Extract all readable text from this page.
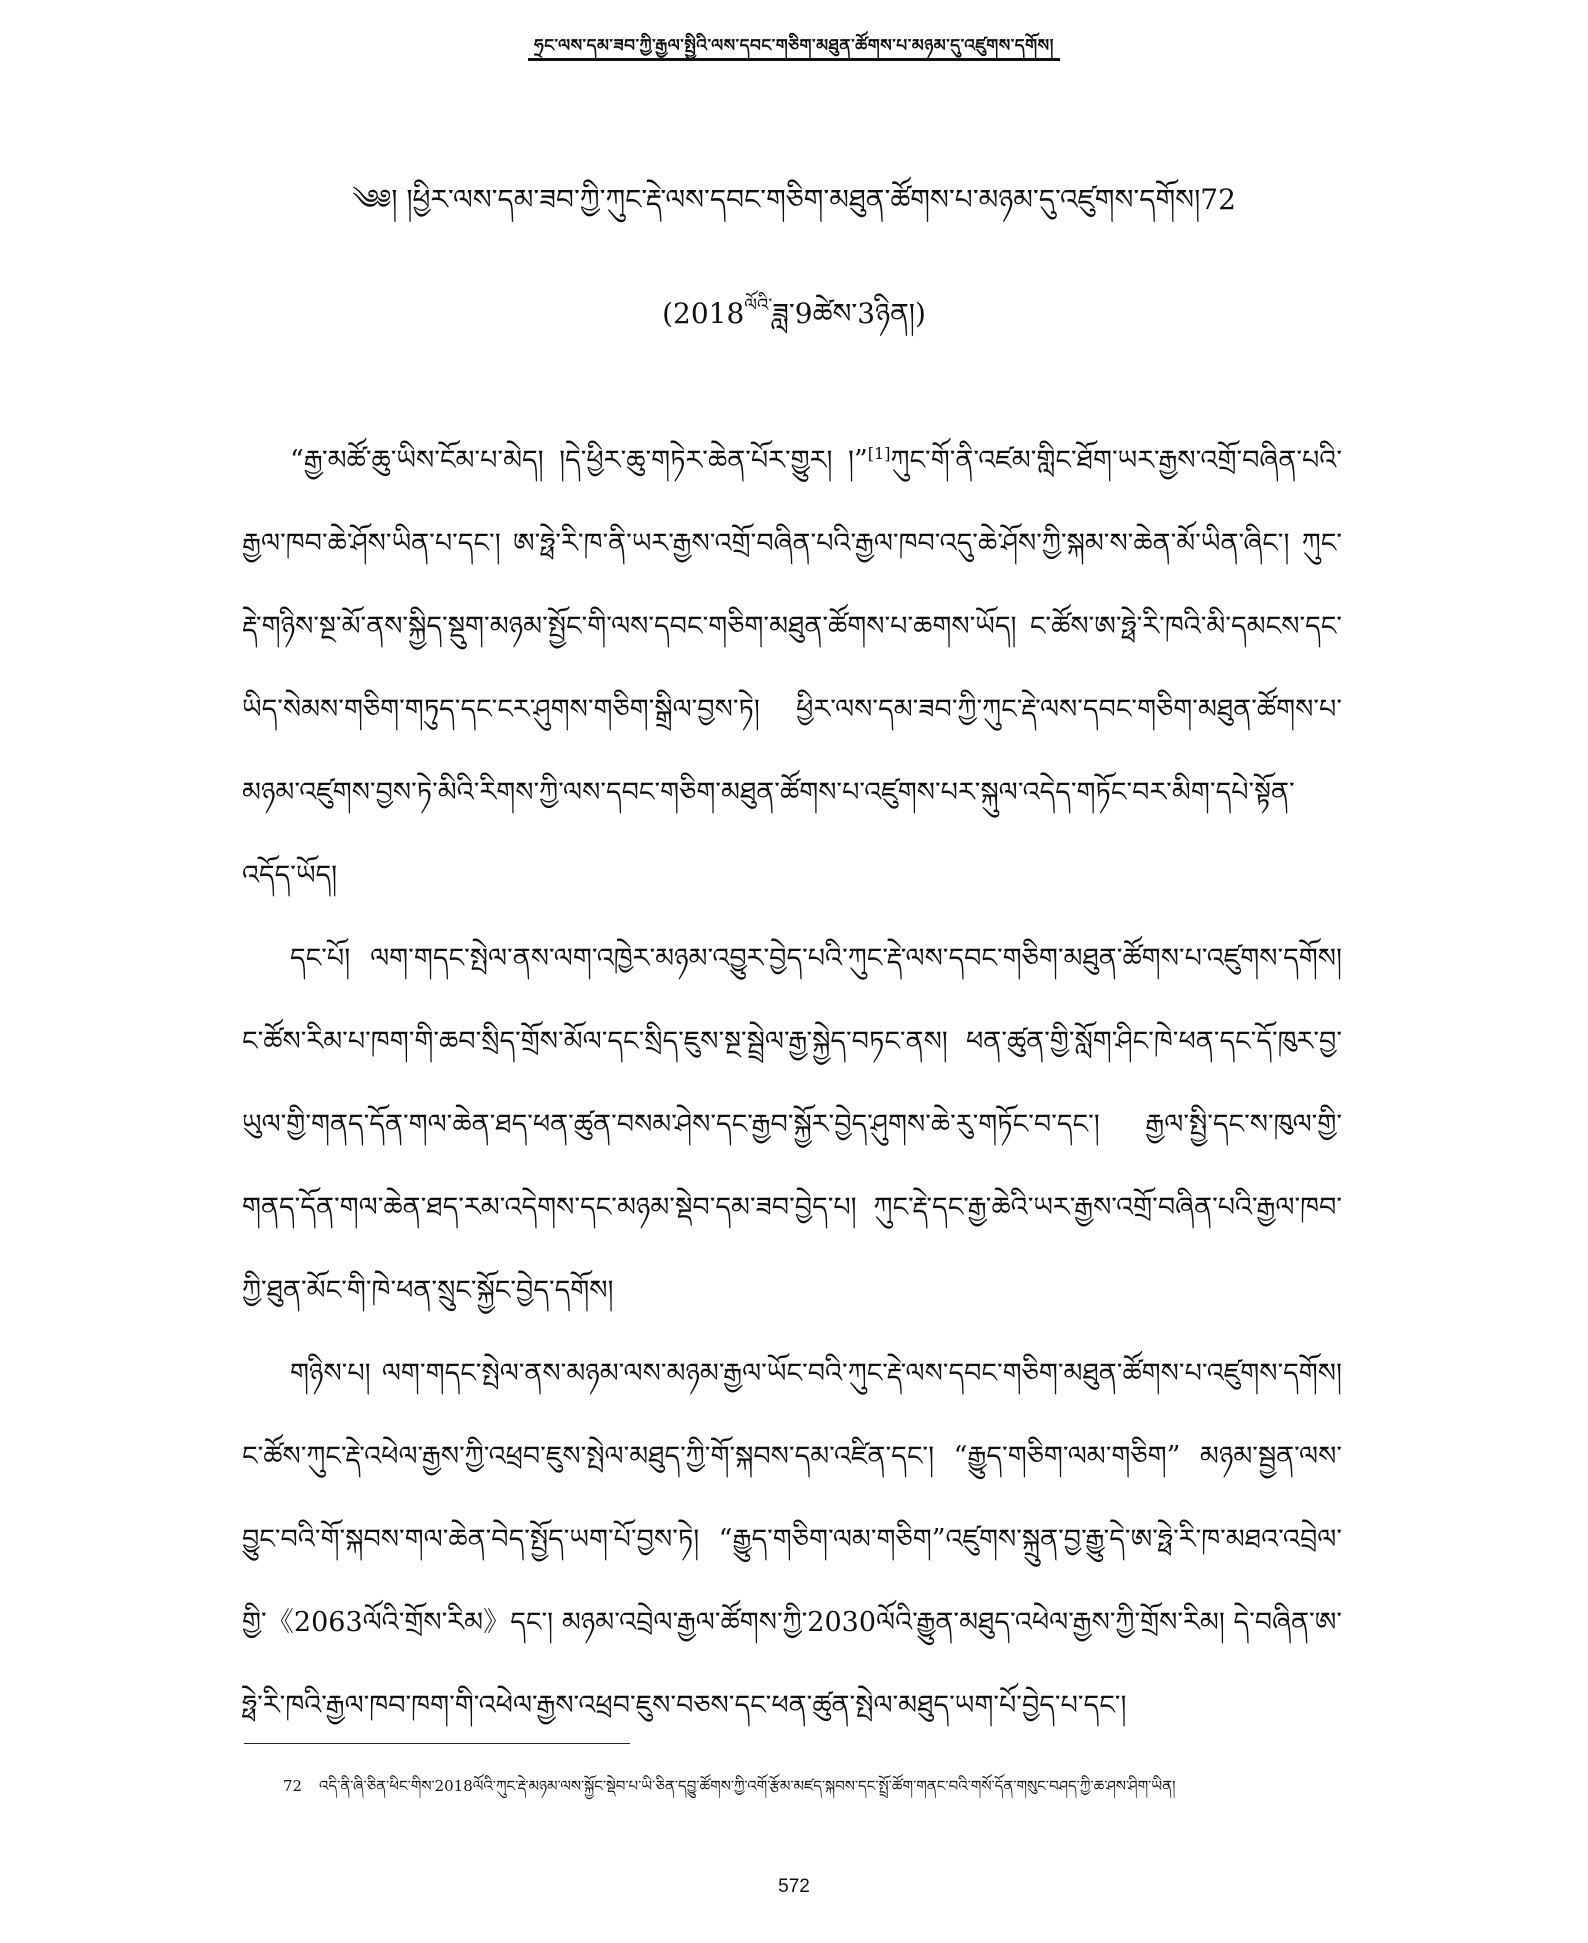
ཧྲང་ལས་དམ་ཟབ་ཀྱི་རྒྱལ་སྤྱིའི་ལས་དབང་གཅིག་མཐུན་ཚོགས་པ་མཉམ་དུ་འཛུགས་དགོས།
༄༅། །ཕྱིར་ལས་དམ་ཟབ་ཀྱི་ཀུང་རྡེ་ལས་དབང་གཅིག་མཐུན་ཚོགས་པ་མཉམ་དུ་འཛུགས་དགོས།72
$(2018^{ལོའི་}ཟླ་9ཚེས་3ཉིན།)$

“རྒྱ་མཚོ་ཆུ་ཡིས་ངོམ་པ་མེད། །དེ་ཕྱིར་ཆུ་གཏེར་ཆེན་པོར་གྱུར། །”[1]ཀུང་གོ་ནི་འཛམ་གླིང་ཐོག་ཡར་རྒྱས་འགྲོ་བཞིན་པའི་རྒྱལ་ཁབ་ཆེ་ཤོས་ཡིན་པ་དང་། ཨ་ཧྥེ་རི་ཁ་ནི་ཡར་རྒྱས་འགྲོ་བཞིན་པའི་རྒྱལ་ཁབ་འདུ་ཆེ་ཤོས་ཀྱི་སྐམ་ས་ཆེན་མོ་ཡིན་ཞིང་། ཀུང་རྡེ་གཉིས་སྔ་མོ་ནས་སྐྱིད་སྡུག་མཉམ་སྤྱོང་གི་ལས་དབང་གཅིག་མཐུན་ཚོགས་པ་ཆགས་ཡོད། ང་ཚོས་ཨ་ཧྥེ་རི་ཁའི་མི་དམངས་དང་ཡིད་སེམས་གཅིག་གཏུད་དང་ངར་ཤུགས་གཅིག་སྒྲིལ་བྱས་ཏེ། ཕྱིར་ལས་དམ་ཟབ་ཀྱི་ཀུང་རྡེ་ལས་དབང་གཅིག་མཐུན་ཚོགས་པ་མཉམ་འཛུགས་བྱས་ཏེ་མིའི་རིགས་ཀྱི་ལས་དབང་གཅིག་མཐུན་ཚོགས་པ་འཛུགས་པར་སྐུལ་འདེད་གཏོང་བར་མིག་དཔེ་སྟོན་འདོད་ཡོད།

དང་པོ། ལག་གདང་སྤེལ་ནས་ལག་འཁྱེར་མཉམ་འབྱུར་བྱེད་པའི་ཀུང་རྡེ་ལས་དབང་གཅིག་མཐུན་ཚོགས་པ་འཛུགས་དགོས། ང་ཚོས་རིམ་པ་ཁག་གི་ཆབ་སྲིད་གྲོས་མོལ་དང་སྲིད་ཇུས་སྔ་སྦྲེལ་རྒྱ་སྐྱེད་བཏང་ནས། ཕན་ཚུན་གྱི་སློག་ཤིང་ཁེ་ཕན་དང་དོ་ཁུར་བྱ་ཡུལ་གྱི་གནད་དོན་གལ་ཆེན་ཐད་ཕན་ཚུན་བསམ་ཤེས་དང་རྒྱབ་སྐྱོར་བྱེད་ཤུགས་ཆེ་རུ་གཏོང་བ་དང་། རྒྱལ་སྤྱི་དང་ས་ཁུལ་གྱི་གནད་དོན་གལ་ཆེན་ཐད་རམ་འདེགས་དང་མཉམ་སྡེབ་དམ་ཟབ་བྱེད་པ། ཀུང་རྡེ་དང་རྒྱ་ཆེའི་ཡར་རྒྱས་འགྲོ་བཞིན་པའི་རྒྱལ་ཁབ་ཀྱི་ཐུན་མོང་གི་ཁེ་ཕན་སྲུང་སྐྱོང་བྱེད་དགོས།

གཉིས་པ། ལག་གདང་སྤེལ་ནས་མཉམ་ལས་མཉམ་རྒྱལ་ཡོང་བའི་ཀུང་རྡེ་ལས་དབང་གཅིག་མཐུན་ཚོགས་པ་འཛུགས་དགོས། ང་ཚོས་ཀུང་རྡེ་འཕེལ་རྒྱས་ཀྱི་འཕྲབ་ཇུས་སྤེལ་མཐུད་ཀྱི་གོ་སྐབས་དམ་འཛིན་དང་། “རྒྱུད་གཅིག་ལམ་གཅིག” མཉམ་སྦྱན་ལས་བྱུང་བའི་གོ་སྐབས་གལ་ཆེན་བེད་སྤྱོད་ཡག་པོ་བྱས་ཏེ། “རྒྱུད་གཅིག་ལམ་གཅིག”འཛུགས་སྐྲུན་བྱ་རྒྱུ་དེ་ཨ་ཧྥེ་རི་ཁ་མཐའ་འབྲེལ་གྱི་《2063ལོའི་གྲོས་རིམ》དང་། མཉམ་འབྲེལ་རྒྱལ་ཚོགས་ཀྱི་2030ལོའི་རྒྱུན་མཐུད་འཕེལ་རྒྱས་ཀྱི་གྲོས་རིམ། དེ་བཞིན་ཨ་ཧྥེ་རི་ཁའི་རྒྱལ་ཁབ་ཁག་གི་འཕེལ་རྒྱས་འཕྲབ་ཇུས་བཅས་དང་ཕན་ཚུན་སྤེལ་མཐུད་ཡག་པོ་བྱེད་པ་དང་།

72 འདི་ནི་ཞི་ཅིན་ཕིང་གིས་2018ལོའི་ཀུང་རྡེ་མཉམ་ལས་སྐྱོང་སྡེབ་པ་ཡི་ཅིན་དབྱུ་ཚོགས་ཀྱི་འགོ་རྩོམ་མཛད་སྐབས་དང་སྤྲོ་ཚོག་གནང་བའི་གསོ་དོན་གསུང་བཤད་ཀྱི་ཆ་ཤས་ཤིག་ཡིན།
572
